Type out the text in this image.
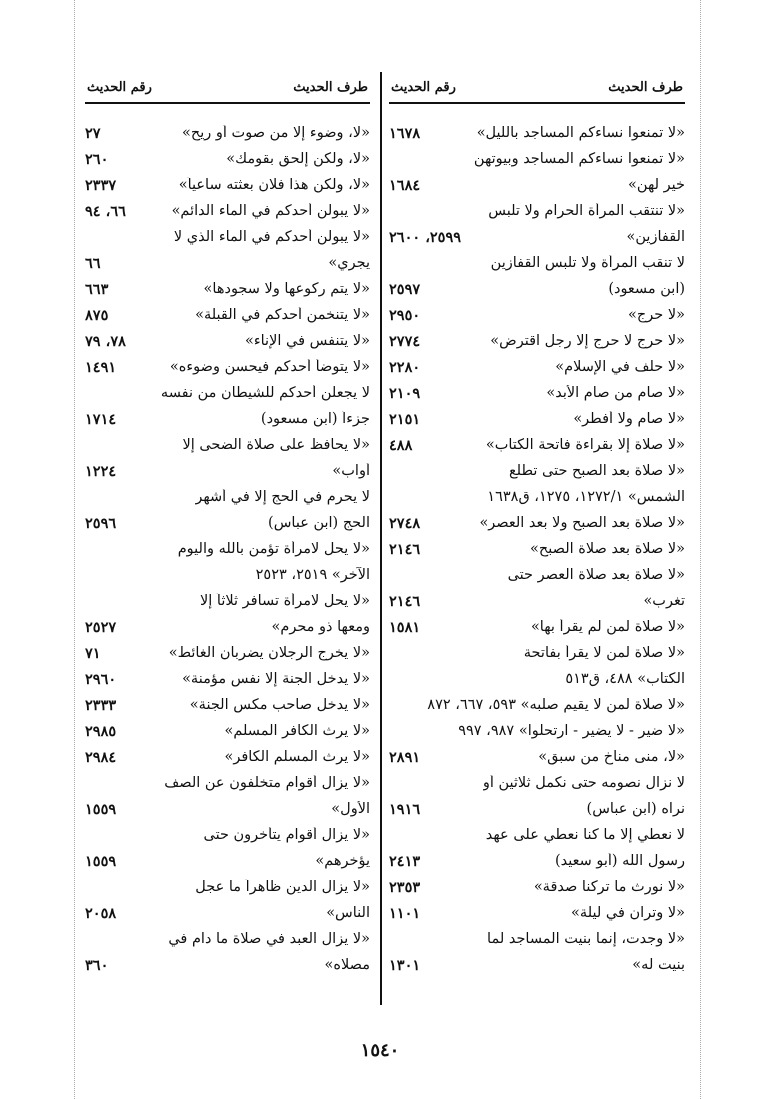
طرف الحديث
رقم الحديث
«لا تمنعوا نساءكم المساجد بالليل»
١٦٧٨
«لا تمنعوا نساءكم المساجد وبيوتهن
خير لهن»
١٦٨٤
«لا تنتقب المرأة الحرام ولا تلبس
القفازين»
٢٥٩٩، ٢٦٠٠
لا تنقب المرأة ولا تلبس القفازين
(ابن مسعود)
٢٥٩٧
«لا حرج»
٢٩٥٠
«لا حرج لا حرج إلا رجل اقترض»
٢٧٧٤
«لا حلف في الإسلام»
٢٢٨٠
«لا صام من صام الأبد»
٢١٠٩
«لا صام ولا أفطر»
٢١٥١
«لا صلاة إلا بقراءة فاتحة الكتاب»
٤٨٨
«لا صلاة بعد الصبح حتى تطلع
الشمس» ١٢٧٢/١، ١٢٧٥، ق١٦٣٨
«لا صلاة بعد الصبح ولا بعد العصر»
٢٧٤٨
«لا صلاة بعد صلاة الصبح»
٢١٤٦
«لا صلاة بعد صلاة العصر حتى
تغرب»
٢١٤٦
«لا صلاة لمن لم يقرأ بها»
١٥٨١
«لا صلاة لمن لا يقرأ بفاتحة
الكتاب» ٤٨٨، ق٥١٣
«لا صلاة لمن لا يقيم صلبه» ٥٩٣، ٦٦٧، ٨٧٢
«لا ضير - لا يضير - ارتحلوا» ٩٨٧، ٩٩٧
«لا، منى مناخ من سبق»
٢٨٩١
لا نزال نصومه حتى نكمل ثلاثين أو
نراه (ابن عباس)
١٩١٦
لا نعطي إلا ما كنا نعطي على عهد
رسول الله (أبو سعيد)
٢٤١٣
«لا نورث ما تركنا صدقة»
٢٣٥٣
«لا وتران في ليلة»
١١٠١
«لا وجدت، إنما بنيت المساجد لما
بنيت له»
١٣٠١
طرف الحديث
رقم الحديث
«لا، وضوء إلا من صوت أو ريح»
٢٧
«لا، ولكن إلحق بقومك»
٢٦٠
«لا، ولكن هذا فلان بعثته ساعياً»
٢٣٣٧
«لا يبولن أحدكم في الماء الدائم»
٦٦، ٩٤
«لا يبولن أحدكم في الماء الذي لا
يجري»
٦٦
«لا يتم ركوعها ولا سجودها»
٦٦٣
«لا يتنخمن أحدكم في القبلة»
٨٧٥
«لا يتنفس في الإناء»
٧٨، ٧٩
«لا يتوضأ أحدكم فيحسن وضوءه»
١٤٩١
لا يجعلن أحدكم للشيطان من نفسه
جزءاً (ابن مسعود)
١٧١٤
«لا يحافظ على صلاة الضحى إلا
أواب»
١٢٢٤
لا يحرم في الحج إلا في أشهر
الحج (ابن عباس)
٢٥٩٦
«لا يحل لامرأة تؤمن بالله واليوم
الآخر» ٢٥١٩، ٢٥٢٣
«لا يحل لامرأة تسافر ثلاثاً إلا
ومعها ذو محرم»
٢٥٢٧
«لا يخرج الرجلان يضربان الغائط»
٧١
«لا يدخل الجنة إلا نفس مؤمنة»
٢٩٦٠
«لا يدخل صاحب مكس الجنة»
٢٣٣٣
«لا يرث الكافر المسلم»
٢٩٨٥
«لا يرث المسلم الكافر»
٢٩٨٤
«لا يزال أقوام متخلفون عن الصف
الأول»
١٥٥٩
«لا يزال أقوام يتأخرون حتى
يؤخرهم»
١٥٥٩
«لا يزال الدين ظاهراً ما عجل
الناس»
٢٠٥٨
«لا يزال العبد في صلاة ما دام في
مصلاه»
٣٦٠
١٥٤٠
